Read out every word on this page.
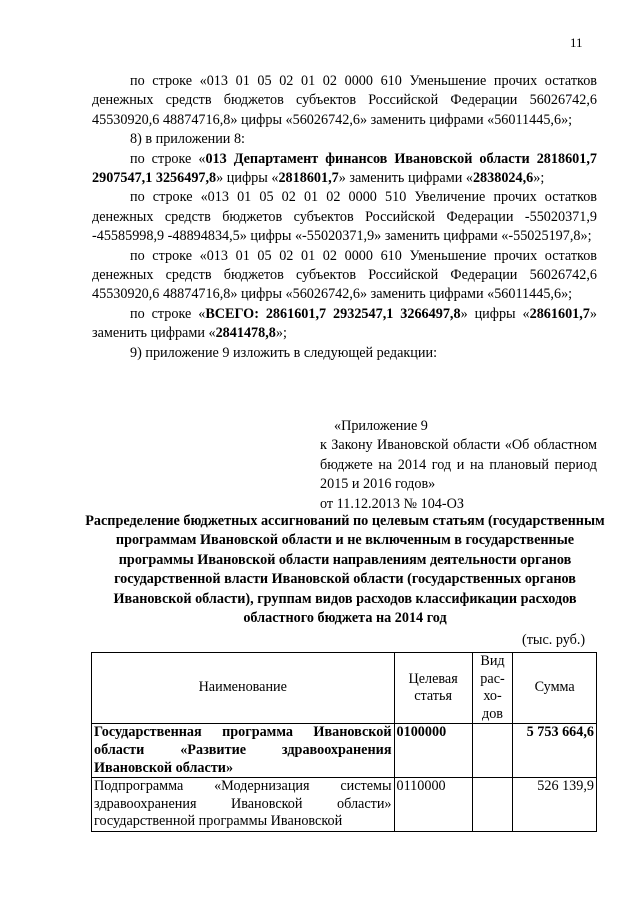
11

по строке «013 01 05 02 01 02 0000 610 Уменьшение прочих остатков денежных средств бюджетов субъектов Российской Федерации 56026742,6 45530920,6 48874716,8» цифры «56026742,6» заменить цифрами «56011445,6»;

8) в приложении 8:

по строке «013 Департамент финансов Ивановской области 2818601,7 2907547,1 3256497,8» цифры «2818601,7» заменить цифрами «2838024,6»;

по строке «013 01 05 02 01 02 0000 510 Увеличение прочих остатков денежных средств бюджетов субъектов Российской Федерации -55020371,9 -45585998,9 -48894834,5» цифры «-55020371,9» заменить цифрами «-55025197,8»;

по строке «013 01 05 02 01 02 0000 610 Уменьшение прочих остатков денежных средств бюджетов субъектов Российской Федерации 56026742,6 45530920,6 48874716,8» цифры «56026742,6» заменить цифрами «56011445,6»;

по строке «ВСЕГО: 2861601,7 2932547,1 3266497,8» цифры «2861601,7» заменить цифрами «2841478,8»;

9) приложение 9 изложить в следующей редакции:

«Приложение 9
к Закону Ивановской области «Об областном бюджете на 2014 год и на плановый период 2015 и 2016 годов»
от 11.12.2013 № 104-ОЗ
Распределение бюджетных ассигнований по целевым статьям (государственным программам Ивановской области и не включенным в государственные программы Ивановской области направлениям деятельности органов государственной власти Ивановской области (государственных органов Ивановской области), группам видов расходов классификации расходов областного бюджета на 2014 год
(тыс. руб.)
Наименование	Целевая статья	Вид рас-хо-дов	Сумма
Государственная программа Ивановской области «Развитие здравоохранения Ивановской области»	0100000		5 753 664,6
Подпрограмма «Модернизация системы здравоохранения Ивановской области» государственной программы Ивановской	0110000		526 139,9
